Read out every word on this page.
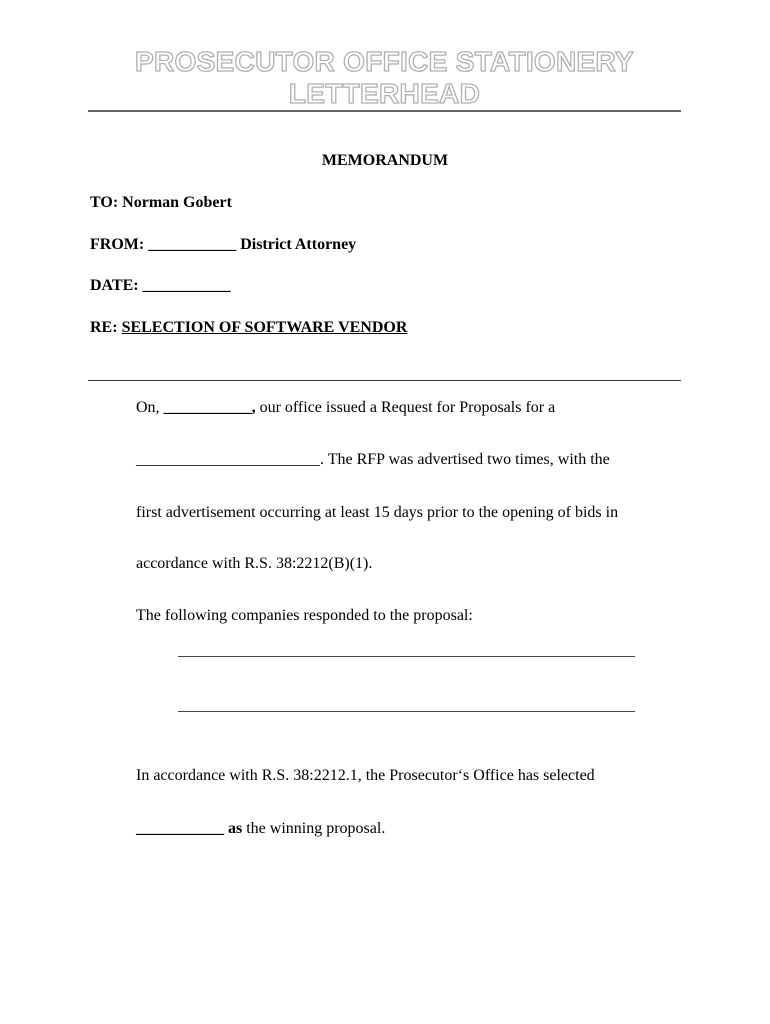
PROSECUTOR OFFICE STATIONERY
LETTERHEAD
MEMORANDUM
TO: Norman Gobert
FROM: ___________ District Attorney
DATE: ___________
RE: SELECTION OF SOFTWARE VENDOR
On, ___________, our office issued a Request for Proposals for a
_______________________. The RFP was advertised two times, with the
first advertisement occurring at least 15 days prior to the opening of bids in
accordance with R.S. 38:2212(B)(1).
The following companies responded to the proposal:
In accordance with R.S. 38:2212.1, the Prosecutor‘s Office has selected
___________ as the winning proposal.
